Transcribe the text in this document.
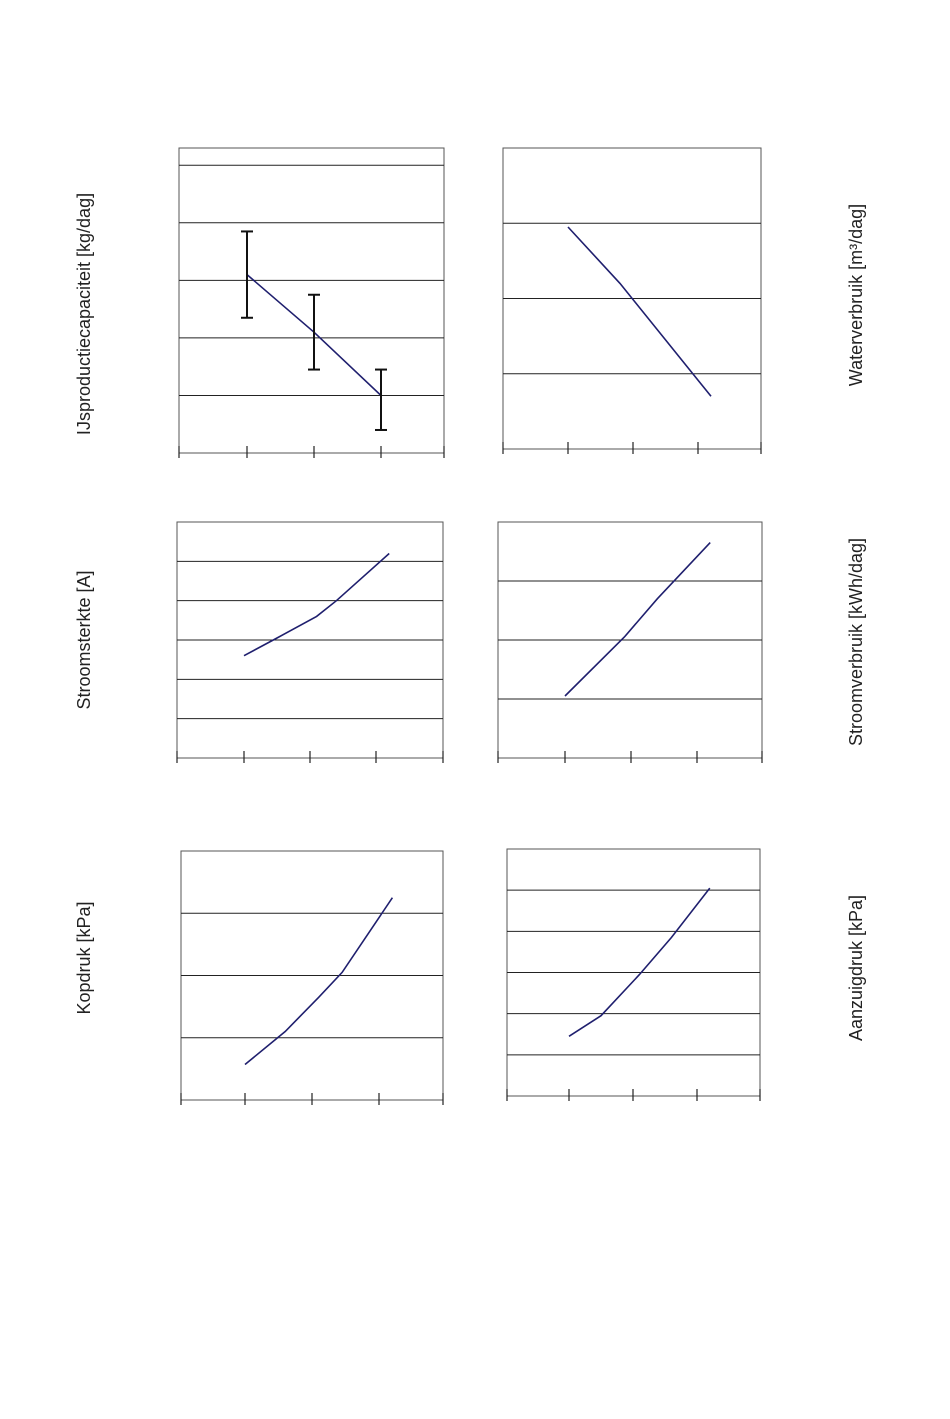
IJsproductiecapaciteit [kg/dag]	Waterverbruik [m³/dag]
Stroomsterkte [A]	Stroomverbruik [kWh/dag]
Kopdruk [kPa]	Aanzuigdruk [kPa]
